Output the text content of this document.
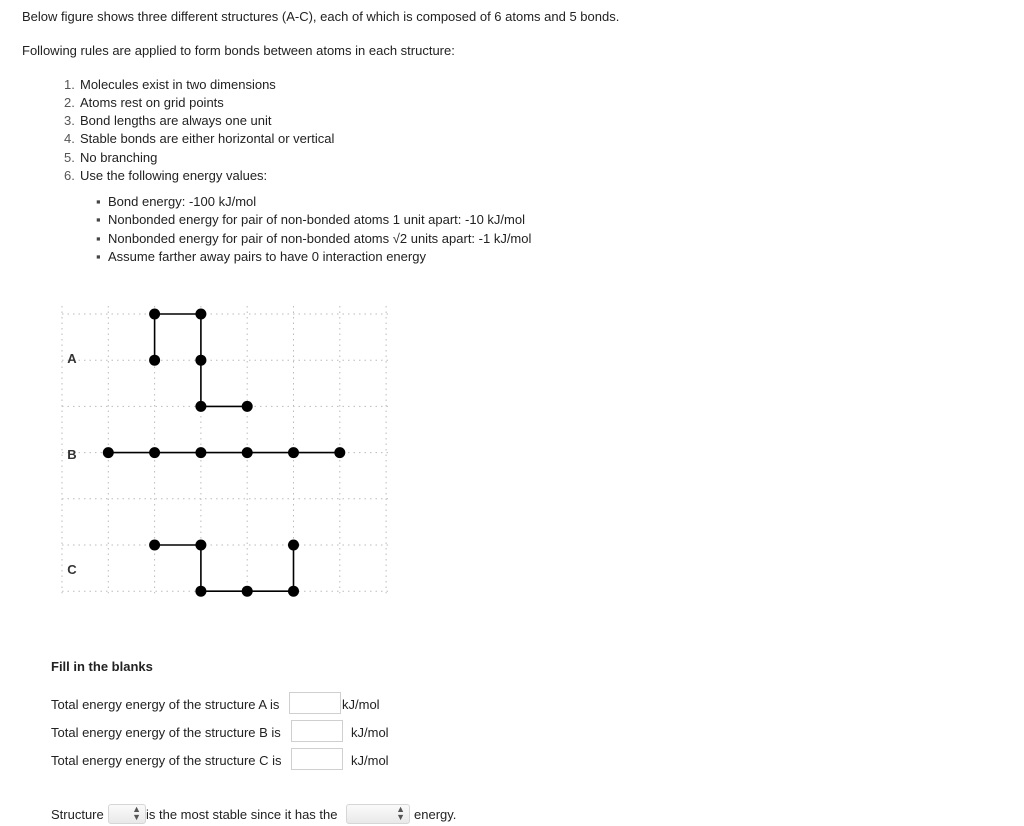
Below figure shows three different structures (A-C), each of which is composed of 6 atoms and 5 bonds.
Following rules are applied to form bonds between atoms in each structure:
1. Molecules exist in two dimensions
2. Atoms rest on grid points
3. Bond lengths are always one unit
4. Stable bonds are either horizontal or vertical
5. No branching
6. Use the following energy values:
▪ Bond energy: -100 kJ/mol
▪ Nonbonded energy for pair of non-bonded atoms 1 unit apart: -10 kJ/mol
▪ Nonbonded energy for pair of non-bonded atoms √2 units apart: -1 kJ/mol
▪ Assume farther away pairs to have 0 interaction energy
A
B
C
Fill in the blanks
Total energy energy of the structure A is	kJ/mol
Total energy energy of the structure B is	kJ/mol
Total energy energy of the structure C is	kJ/mol
Structure	▲
▼ is the most stable since it has the	▲
▼ energy.
